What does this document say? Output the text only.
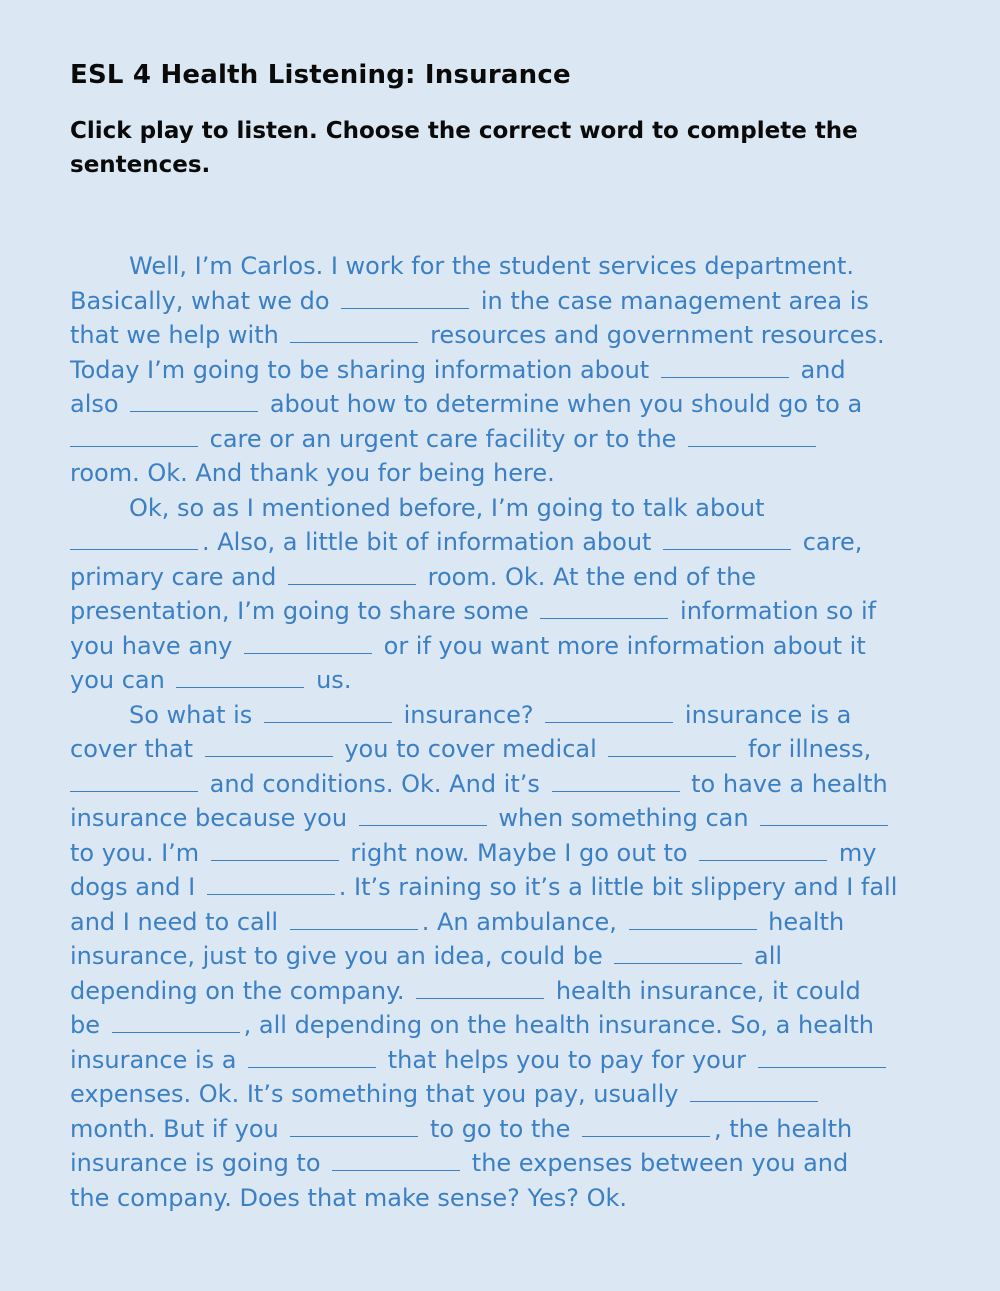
ESL 4 Health Listening: Insurance

Click play to listen. Choose the correct word to complete the sentences.

Well, I’m Carlos. I work for the student services department.
Basically, what we do	in the case management area is
that we help with	resources and government resources.
Today I’m going to be sharing information about	and
also	about how to determine when you should go to a
care or an urgent care facility or to the
room. Ok. And thank you for being here.
Ok, so as I mentioned before, I’m going to talk about
. Also, a little bit of information about	care,
primary care and	room. Ok. At the end of the
presentation, I’m going to share some	information so if
you have any	or if you want more information about it
you can	us.
So what is	insurance?	insurance is a
cover that	you to cover medical	for illness,
and conditions. Ok. And it’s	to have a health
insurance because you	when something can
to you. I’m	right now. Maybe I go out to	my
dogs and I	. It’s raining so it’s a little bit slippery and I fall
and I need to call	. An ambulance,	health
insurance, just to give you an idea, could be	all
depending on the company.	health insurance, it could
be	, all depending on the health insurance. So, a health
insurance is a	that helps you to pay for your
expenses. Ok. It’s something that you pay, usually
month. But if you	to go to the	, the health
insurance is going to	the expenses between you and
the company. Does that make sense? Yes? Ok.
